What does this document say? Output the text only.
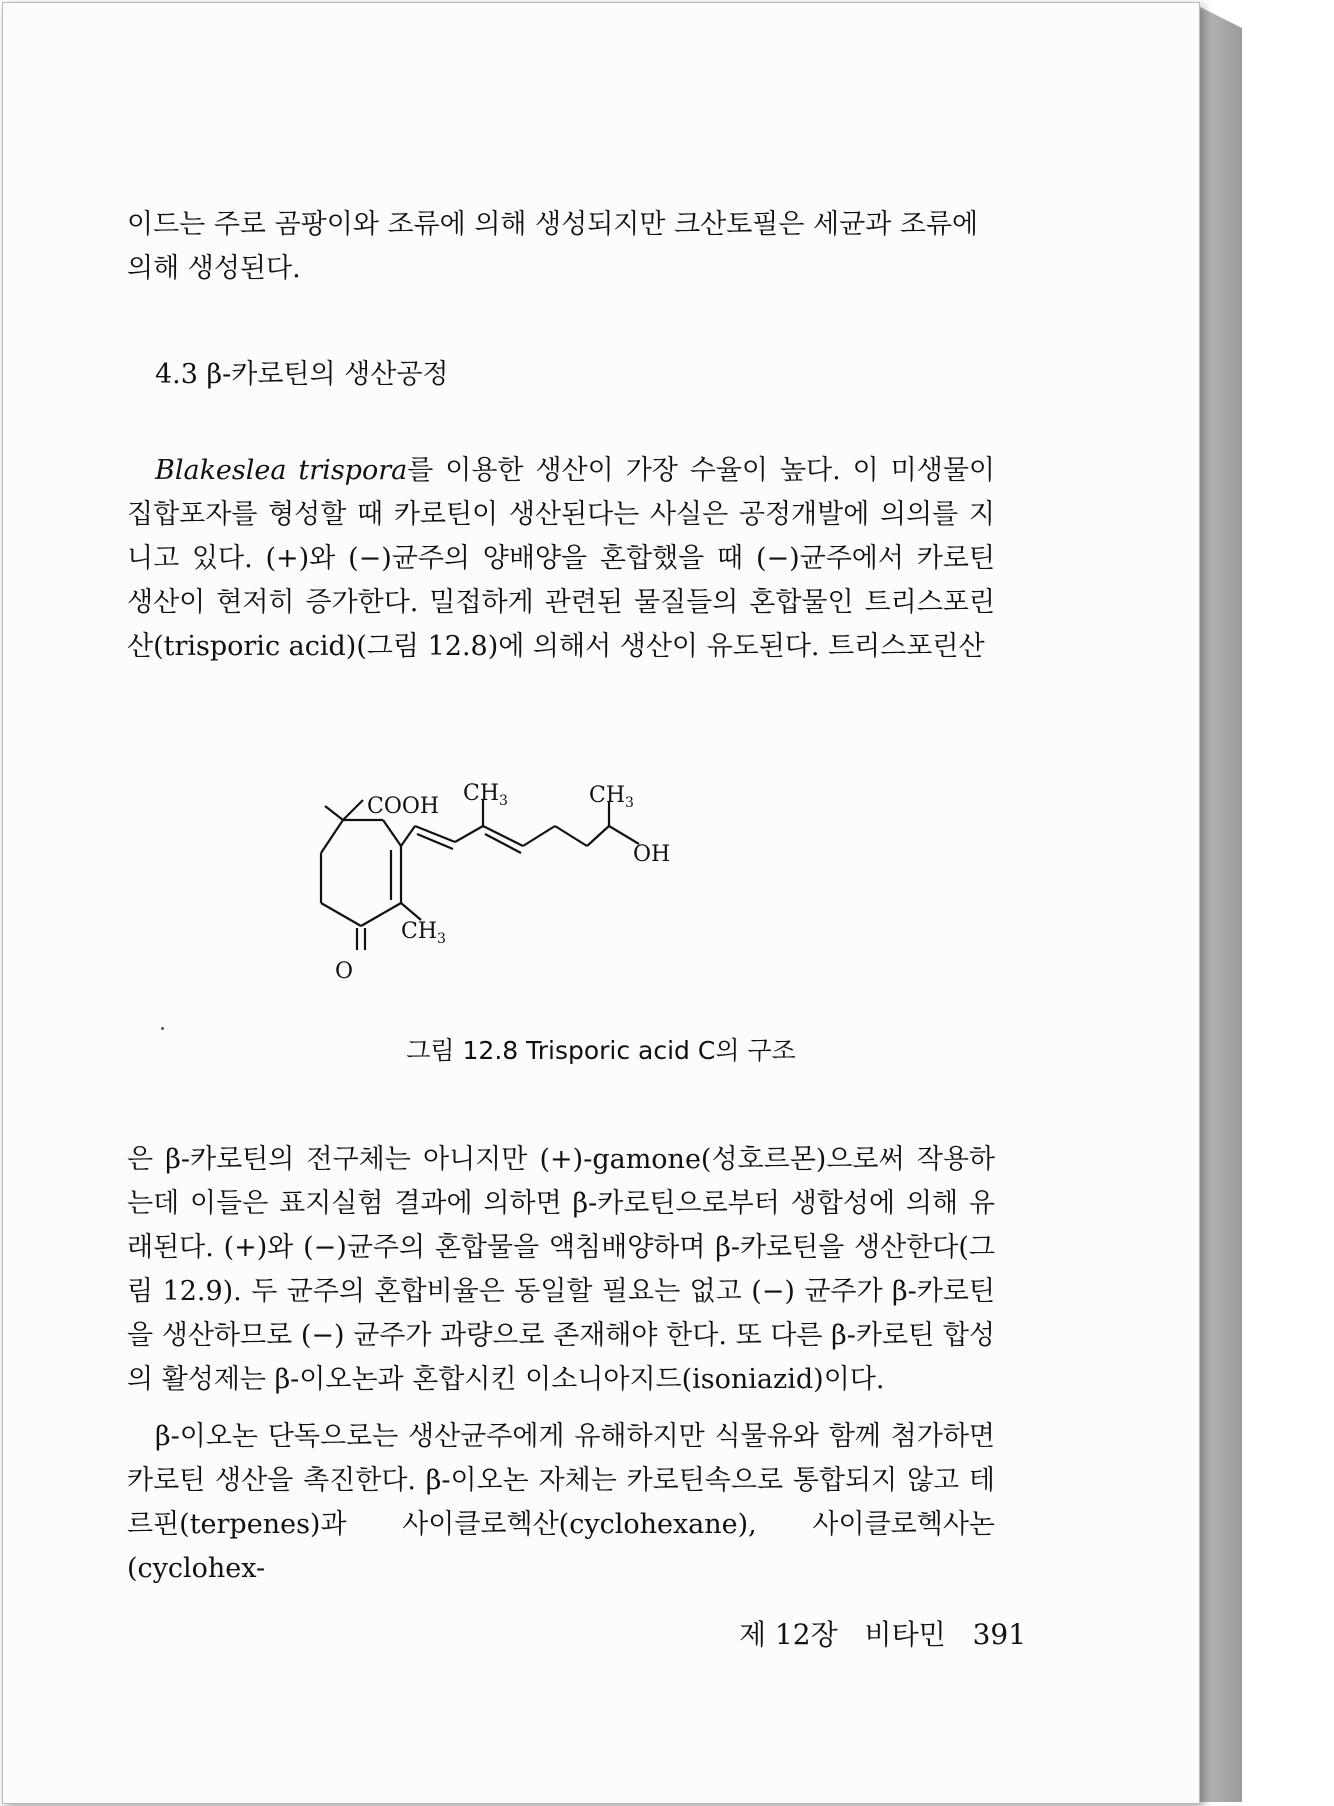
이드는 주로 곰팡이와 조류에 의해 생성되지만 크산토필은 세균과 조류에

의해 생성된다.

4.3 β-카로틴의 생산공정

Blakeslea trispora를 이용한 생산이 가장 수율이 높다. 이 미생물이 집합포자를 형성할 때 카로틴이 생산된다는 사실은 공정개발에 의의를 지니고 있다. (+)와 (−)균주의 양배양을 혼합했을 때 (−)균주에서 카로틴 생산이 현저히 증가한다. 밀접하게 관련된 물질들의 혼합물인 트리스포린산(trisporic acid)(그림 12.8)에 의해서 생산이 유도된다. 트리스포린산

COOH
$CH_3$	$CH_3$
OH
$CH_3$
O
그림 12.8 Trisporic acid C의 구조

은 β-카로틴의 전구체는 아니지만 (+)-gamone(성호르몬)으로써 작용하는데 이들은 표지실험 결과에 의하면 β-카로틴으로부터 생합성에 의해 유래된다. (+)와 (−)균주의 혼합물을 액침배양하며 β-카로틴을 생산한다(그림 12.9). 두 균주의 혼합비율은 동일할 필요는 없고 (−) 균주가 β-카로틴을 생산하므로 (−) 균주가 과량으로 존재해야 한다. 또 다른 β-카로틴 합성의 활성제는 β-이오논과 혼합시킨 이소니아지드(isoniazid)이다.

β-이오논 단독으로는 생산균주에게 유해하지만 식물유와 함께 첨가하면 카로틴 생산을 촉진한다. β-이오논 자체는 카로틴속으로 통합되지 않고 테르핀(terpenes)과 사이클로헥산(cyclohexane), 사이클로헥사논(cyclohex-

제 12장 비타민 391
